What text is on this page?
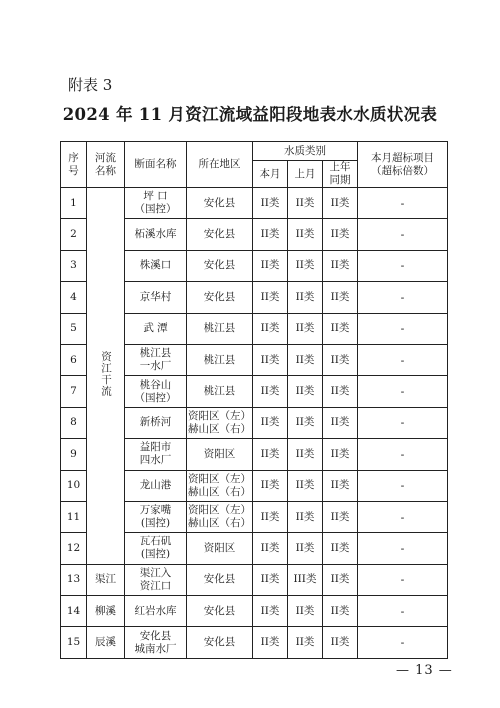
附表 3
2024 年 11 月资江流域益阳段地表水水质状况表
序
号	河流
名称	断面名称	所在地区	水质类别			本月超标项目
（超标倍数）
				本月	上月	上年
同期	
1	资江干流	坪 口
（国控）	安化县	II类	II类	II类	-
2		柘溪水库	安化县	II类	II类	II类	-
3		株溪口	安化县	II类	II类	II类	-
4		京华村	安化县	II类	II类	II类	-
5		武 潭	桃江县	II类	II类	II类	-
6		桃江县
一水厂	桃江县	II类	II类	II类	-
7		桃谷山
（国控）	桃江县	II类	II类	II类	-
8		新桥河	资阳区（左）
赫山区（右）	II类	II类	II类	-
9		益阳市
四水厂	资阳区	II类	II类	II类	-
10		龙山港	资阳区（左）
赫山区（右）	II类	II类	II类	-
11		万家嘴
(国控)	资阳区（左）
赫山区（右）	II类	II类	II类	-
12		瓦石矶
(国控)	资阳区	II类	II类	II类	-
13	渠江	渠江入
资江口	安化县	II类	III类	II类	-
14	柳溪	红岩水库	安化县	II类	II类	II类	-
15	辰溪	安化县
城南水厂	安化县	II类	II类	II类	-
— 13 —
